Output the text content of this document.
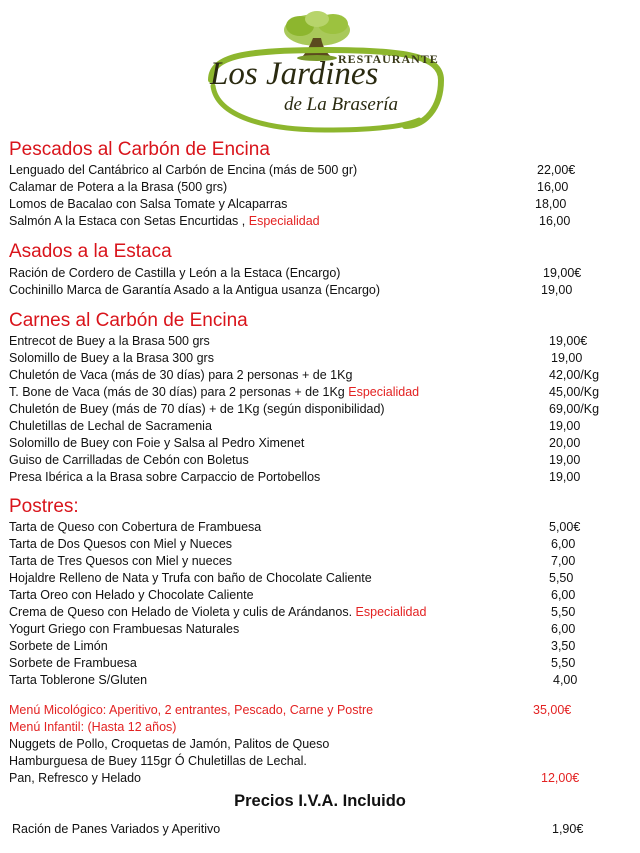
RESTAURANTE
Los Jardines
de La Brasería
Pescados al Carbón de Encina
Lenguado del Cantábrico al Carbón de Encina (más de 500 gr)	22,00€
Calamar de Potera a la Brasa (500 grs)	16,00
Lomos de Bacalao con Salsa Tomate y Alcaparras	18,00
Salmón A la Estaca con Setas Encurtidas , Especialidad	16,00
Asados a la Estaca
Ración de Cordero de Castilla y León a la Estaca (Encargo)	19,00€
Cochinillo Marca de Garantía Asado a la Antigua usanza (Encargo)	19,00
Carnes al Carbón de Encina
Entrecot de Buey a la Brasa 500 grs	19,00€
Solomillo de Buey a la Brasa 300 grs	19,00
Chuletón de Vaca (más de 30 días) para 2 personas + de 1Kg	42,00/Kg
T. Bone de Vaca (más de 30 días) para 2 personas + de 1Kg Especialidad	45,00/Kg
Chuletón de Buey (más de 70 días) + de 1Kg (según disponibilidad)	69,00/Kg
Chuletillas de Lechal de Sacramenia	19,00
Solomillo de Buey con Foie y Salsa al Pedro Ximenet	20,00
Guiso de Carrilladas de Cebón con Boletus	19,00
Presa Ibérica a la Brasa sobre Carpaccio de Portobellos	19,00
Postres:
Tarta de Queso con Cobertura de Frambuesa	5,00€
Tarta de Dos Quesos con Miel y Nueces	6,00
Tarta de Tres Quesos con Miel y nueces	7,00
Hojaldre Relleno de Nata y Trufa con baño de Chocolate Caliente	5,50
Tarta Oreo con Helado y Chocolate Caliente	6,00
Crema de Queso con Helado de Violeta y culis de Arándanos. Especialidad	5,50
Yogurt Griego con Frambuesas Naturales	6,00
Sorbete de Limón	3,50
Sorbete de Frambuesa	5,50
Tarta Toblerone S/Gluten	4,00
Menú Micológico: Aperitivo, 2 entrantes, Pescado, Carne y Postre	35,00€
Menú Infantil: (Hasta 12 años)
Nuggets de Pollo, Croquetas de Jamón, Palitos de Queso
Hamburguesa de Buey 115gr Ó Chuletillas de Lechal.
Pan, Refresco y Helado	12,00€
Precios I.V.A. Incluido
Ración de Panes Variados y Aperitivo	1,90€
